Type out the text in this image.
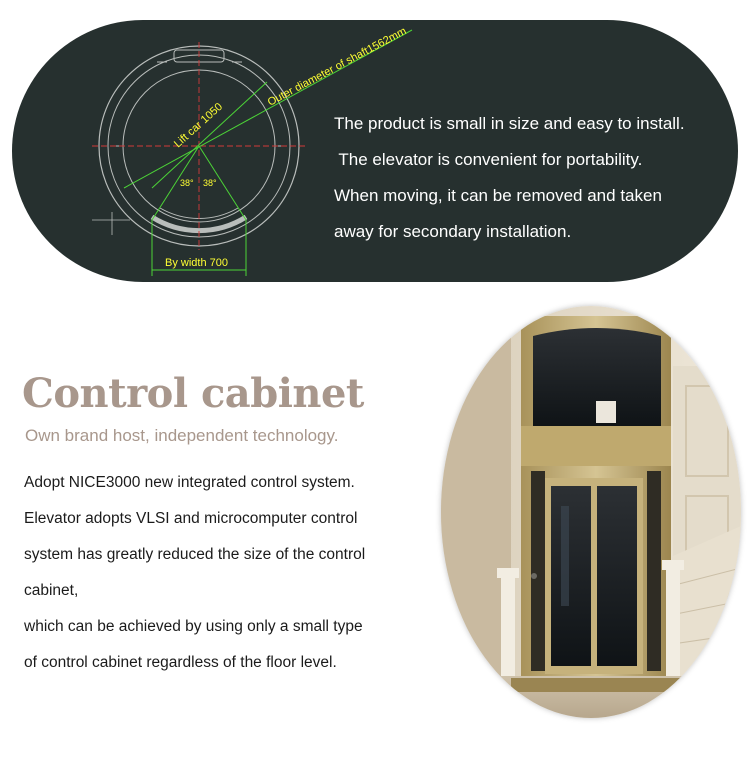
Outer diameter of shaft1562mm
Lift car 1050
38° 38°
By width 700

The product is small in size and easy to install.

The elevator is convenient for portability.

When moving, it can be removed and taken

away for secondary installation.

Control cabinet

Own brand host, independent technology.

Adopt NICE3000 new integrated control system.

Elevator adopts VLSI and microcomputer control

system has greatly reduced the size of the control

cabinet,

which can be achieved by using only a small type

of control cabinet regardless of the floor level.
